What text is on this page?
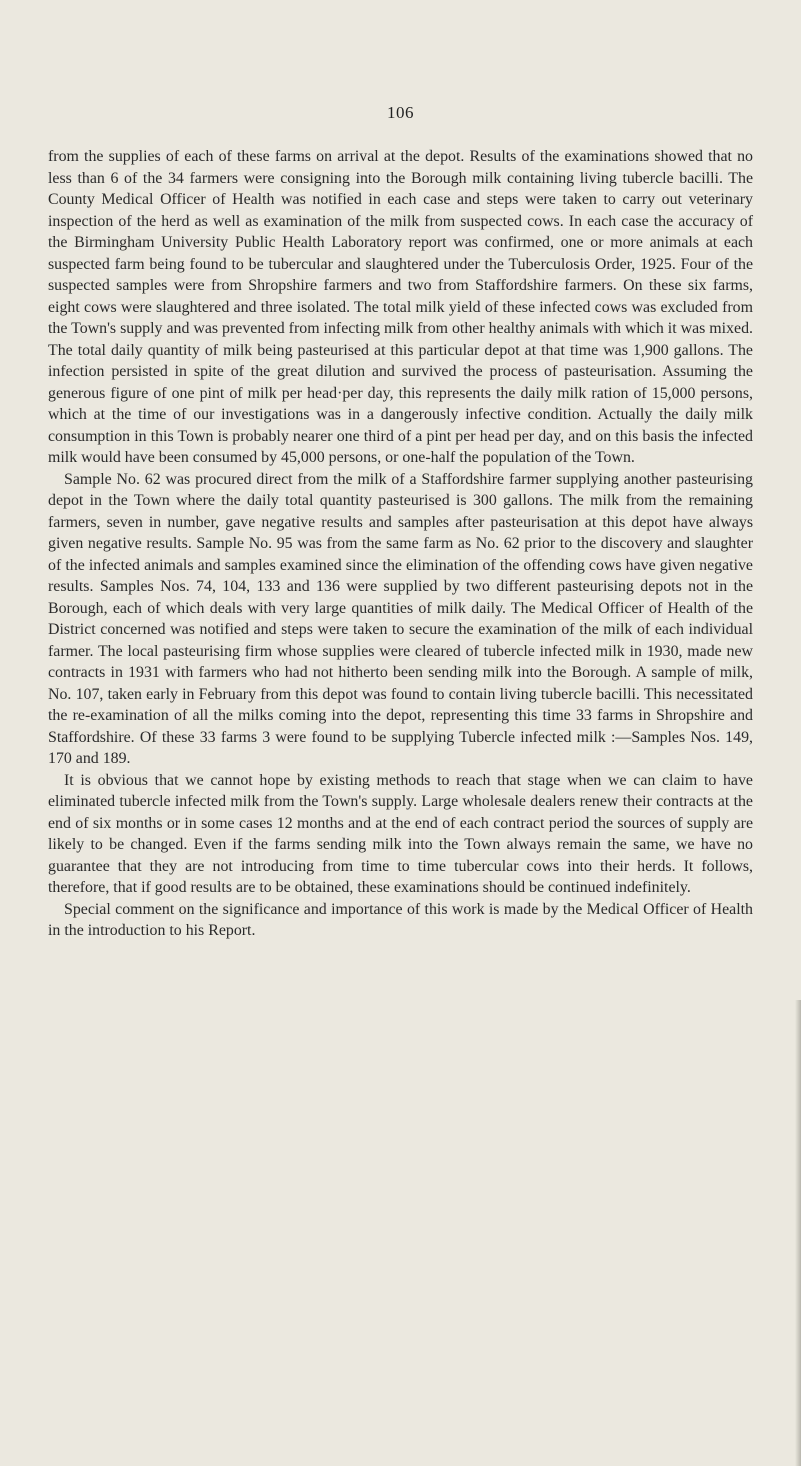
106

from the supplies of each of these farms on arrival at the depot. Results of the examinations showed that no less than 6 of the 34 farmers were consigning into the Borough milk containing living tubercle bacilli. The County Medical Officer of Health was notified in each case and steps were taken to carry out veterinary inspection of the herd as well as examination of the milk from suspected cows. In each case the accuracy of the Birmingham University Public Health Laboratory report was confirmed, one or more animals at each suspected farm being found to be tubercular and slaughtered under the Tuberculosis Order, 1925. Four of the suspected samples were from Shropshire farmers and two from Staffordshire farmers. On these six farms, eight cows were slaughtered and three isolated. The total milk yield of these infected cows was excluded from the Town's supply and was prevented from infecting milk from other healthy animals with which it was mixed. The total daily quantity of milk being pasteurised at this particular depot at that time was 1,900 gallons. The infection persisted in spite of the great dilution and survived the process of pasteurisation. Assuming the generous figure of one pint of milk per head·per day, this represents the daily milk ration of 15,000 persons, which at the time of our investigations was in a dangerously infective condition. Actually the daily milk consumption in this Town is probably nearer one third of a pint per head per day, and on this basis the infected milk would have been consumed by 45,000 persons, or one-half the population of the Town.

Sample No. 62 was procured direct from the milk of a Staffordshire farmer supplying another pasteurising depot in the Town where the daily total quantity pasteurised is 300 gallons. The milk from the remaining farmers, seven in number, gave negative results and samples after pasteurisation at this depot have always given negative results. Sample No. 95 was from the same farm as No. 62 prior to the discovery and slaughter of the infected animals and samples examined since the elimination of the offending cows have given negative results. Samples Nos. 74, 104, 133 and 136 were supplied by two different pasteurising depots not in the Borough, each of which deals with very large quantities of milk daily. The Medical Officer of Health of the District concerned was notified and steps were taken to secure the examination of the milk of each individual farmer. The local pasteurising firm whose supplies were cleared of tubercle infected milk in 1930, made new contracts in 1931 with farmers who had not hitherto been sending milk into the Borough. A sample of milk, No. 107, taken early in February from this depot was found to contain living tubercle bacilli. This necessitated the re-examination of all the milks coming into the depot, representing this time 33 farms in Shropshire and Staffordshire. Of these 33 farms 3 were found to be supplying Tubercle infected milk :—Samples Nos. 149, 170 and 189.

It is obvious that we cannot hope by existing methods to reach that stage when we can claim to have eliminated tubercle infected milk from the Town's supply. Large wholesale dealers renew their contracts at the end of six months or in some cases 12 months and at the end of each contract period the sources of supply are likely to be changed. Even if the farms sending milk into the Town always remain the same, we have no guarantee that they are not introducing from time to time tubercular cows into their herds. It follows, therefore, that if good results are to be obtained, these examinations should be continued indefinitely.

Special comment on the significance and importance of this work is made by the Medical Officer of Health in the introduction to his Report.
